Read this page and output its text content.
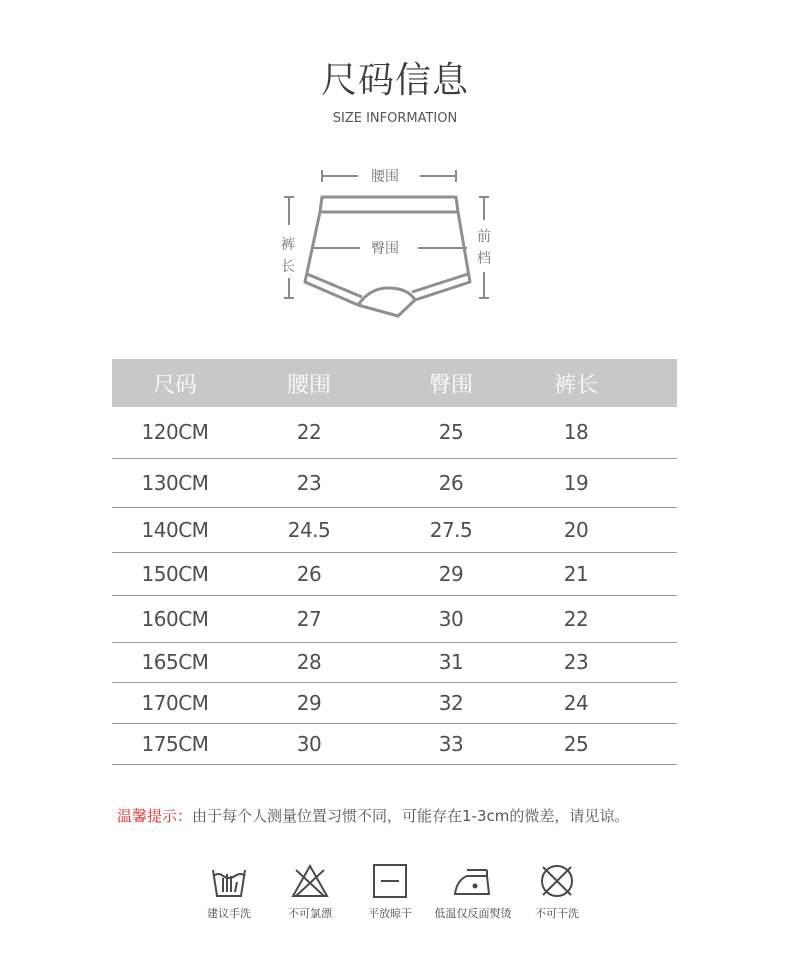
尺码信息
SIZE INFORMATION
腰围
臀围
裤长
前档
尺码	腰围	臀围	裤长	
120CM	22	25	18	
130CM	23	26	19	
140CM	24.5	27.5	20	
150CM	26	29	21	
160CM	27	30	22	
165CM	28	31	23	
170CM	29	32	24	
175CM	30	33	25	
温馨提示：由于每个人测量位置习惯不同，可能存在1-3cm的微差，请见谅。
建议手洗	不可氯漂	平放晾干	低温仅反面熨烫	不可干洗
